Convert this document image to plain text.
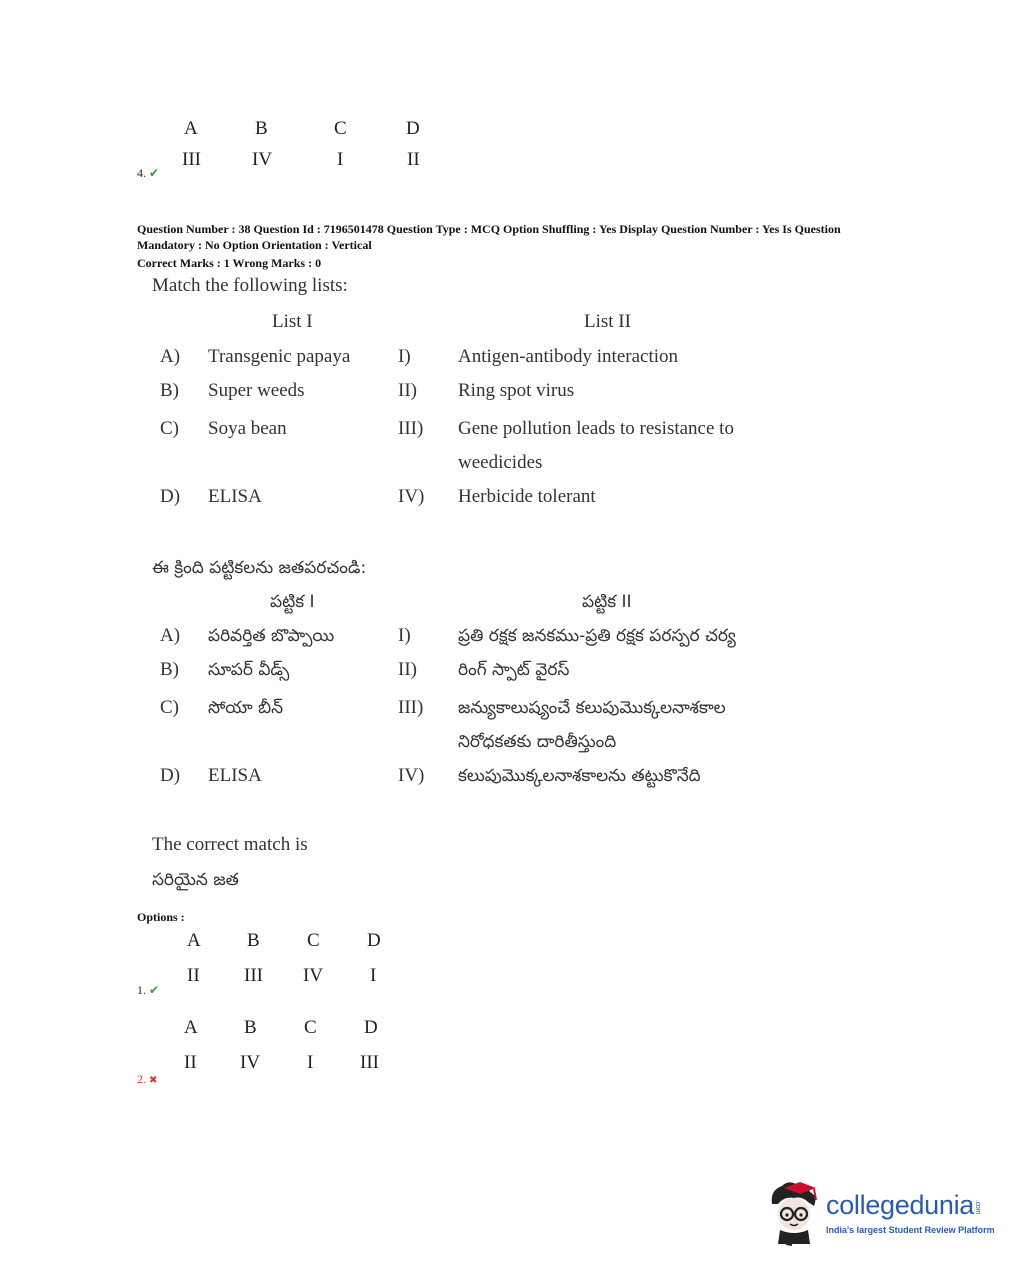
A	B	C	D
III	IV	I	II
4. ✔
Question Number : 38 Question Id : 7196501478 Question Type : MCQ Option Shuffling : Yes Display Question Number : Yes Is Question
Mandatory : No Option Orientation : Vertical
Correct Marks : 1 Wrong Marks : 0
Match the following lists:
List I	List II
A) Transgenic papaya	I) Antigen-antibody interaction
B) Super weeds	II) Ring spot virus
C) Soya bean	III) Gene pollution leads to resistance to
weedicides
D) ELISA	IV) Herbicide tolerant
ఈ క్రింది పట్టికలను జతపరచండి:
పట్టిక I	పట్టిక II
A) పరివర్తిత బొప్పాయి	I)	ప్రతి రక్షక జనకము-ప్రతి రక్షక పరస్పర చర్య
B) సూపర్ వీడ్స్	II) రింగ్ స్పాట్ వైరస్
C) సోయా బీన్	III) జన్యుకాలుష్యంచే కలుపుమొక్కలనాశకాల
నిరోధకతకు దారితీస్తుంది
D) ELISA	IV) కలుపుమొక్కలనాశకాలను తట్టుకొనేది
The correct match is
సరియైన జత
Options :
A B C D
II III IV I
1. ✔
A B C D
II IV I III
2. ✖
collegedunia.com
India's largest Student Review Platform
